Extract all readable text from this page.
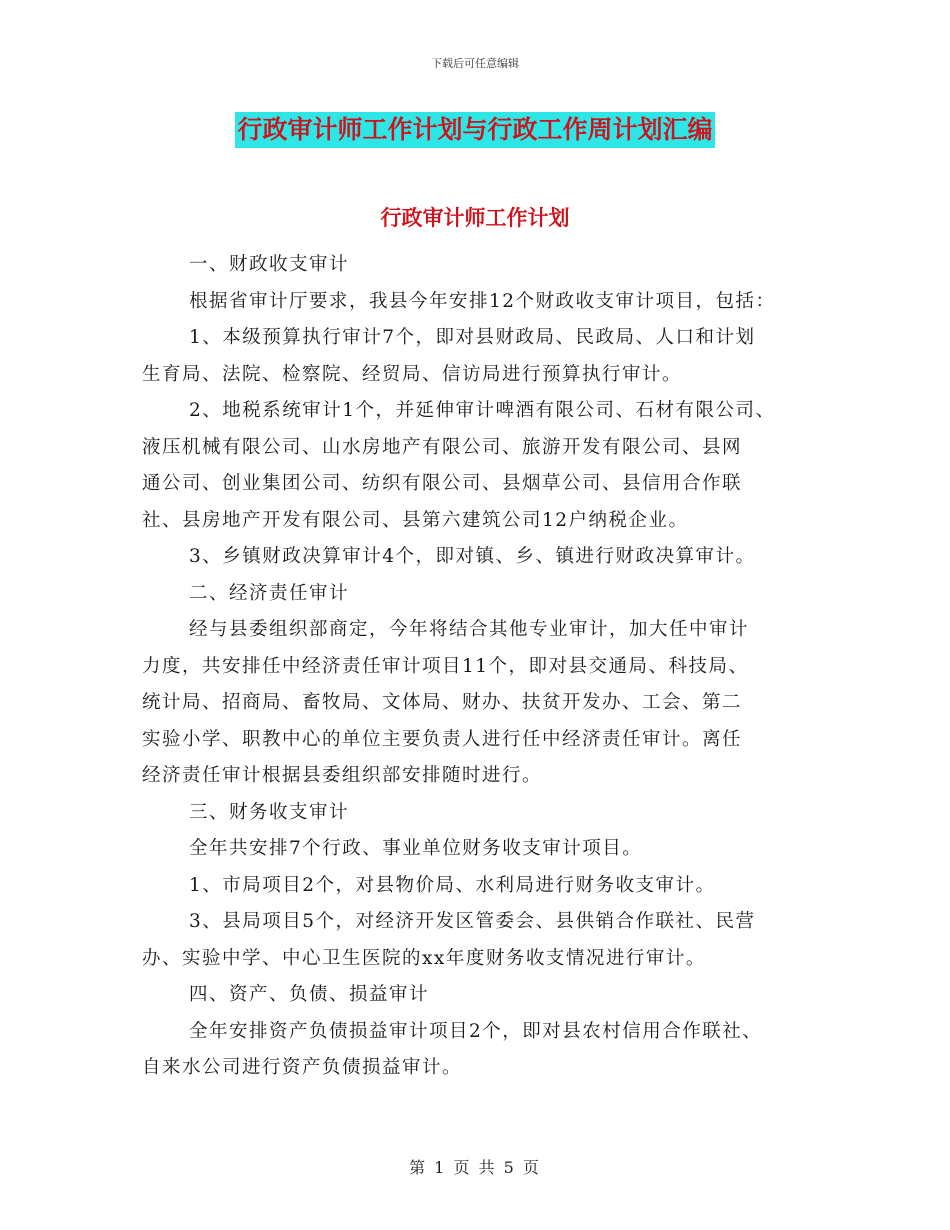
下载后可任意编辑
行政审计师工作计划与行政工作周计划汇编
行政审计师工作计划

一、财政收支审计

根据省审计厅要求，我县今年安排12个财政收支审计项目，包括：

1、本级预算执行审计7个，即对县财政局、民政局、人口和计划

生育局、法院、检察院、经贸局、信访局进行预算执行审计。

2、地税系统审计1个，并延伸审计啤酒有限公司、石材有限公司、

液压机械有限公司、山水房地产有限公司、旅游开发有限公司、县网

通公司、创业集团公司、纺织有限公司、县烟草公司、县信用合作联

社、县房地产开发有限公司、县第六建筑公司12户纳税企业。

3、乡镇财政决算审计4个，即对镇、乡、镇进行财政决算审计。

二、经济责任审计

经与县委组织部商定，今年将结合其他专业审计，加大任中审计

力度，共安排任中经济责任审计项目11个，即对县交通局、科技局、

统计局、招商局、畜牧局、文体局、财办、扶贫开发办、工会、第二

实验小学、职教中心的单位主要负责人进行任中经济责任审计。离任

经济责任审计根据县委组织部安排随时进行。

三、财务收支审计

全年共安排7个行政、事业单位财务收支审计项目。

1、市局项目2个，对县物价局、水利局进行财务收支审计。

3、县局项目5个，对经济开发区管委会、县供销合作联社、民营

办、实验中学、中心卫生医院的xx年度财务收支情况进行审计。

四、资产、负债、损益审计

全年安排资产负债损益审计项目2个，即对县农村信用合作联社、

自来水公司进行资产负债损益审计。

第 1 页 共 5 页
